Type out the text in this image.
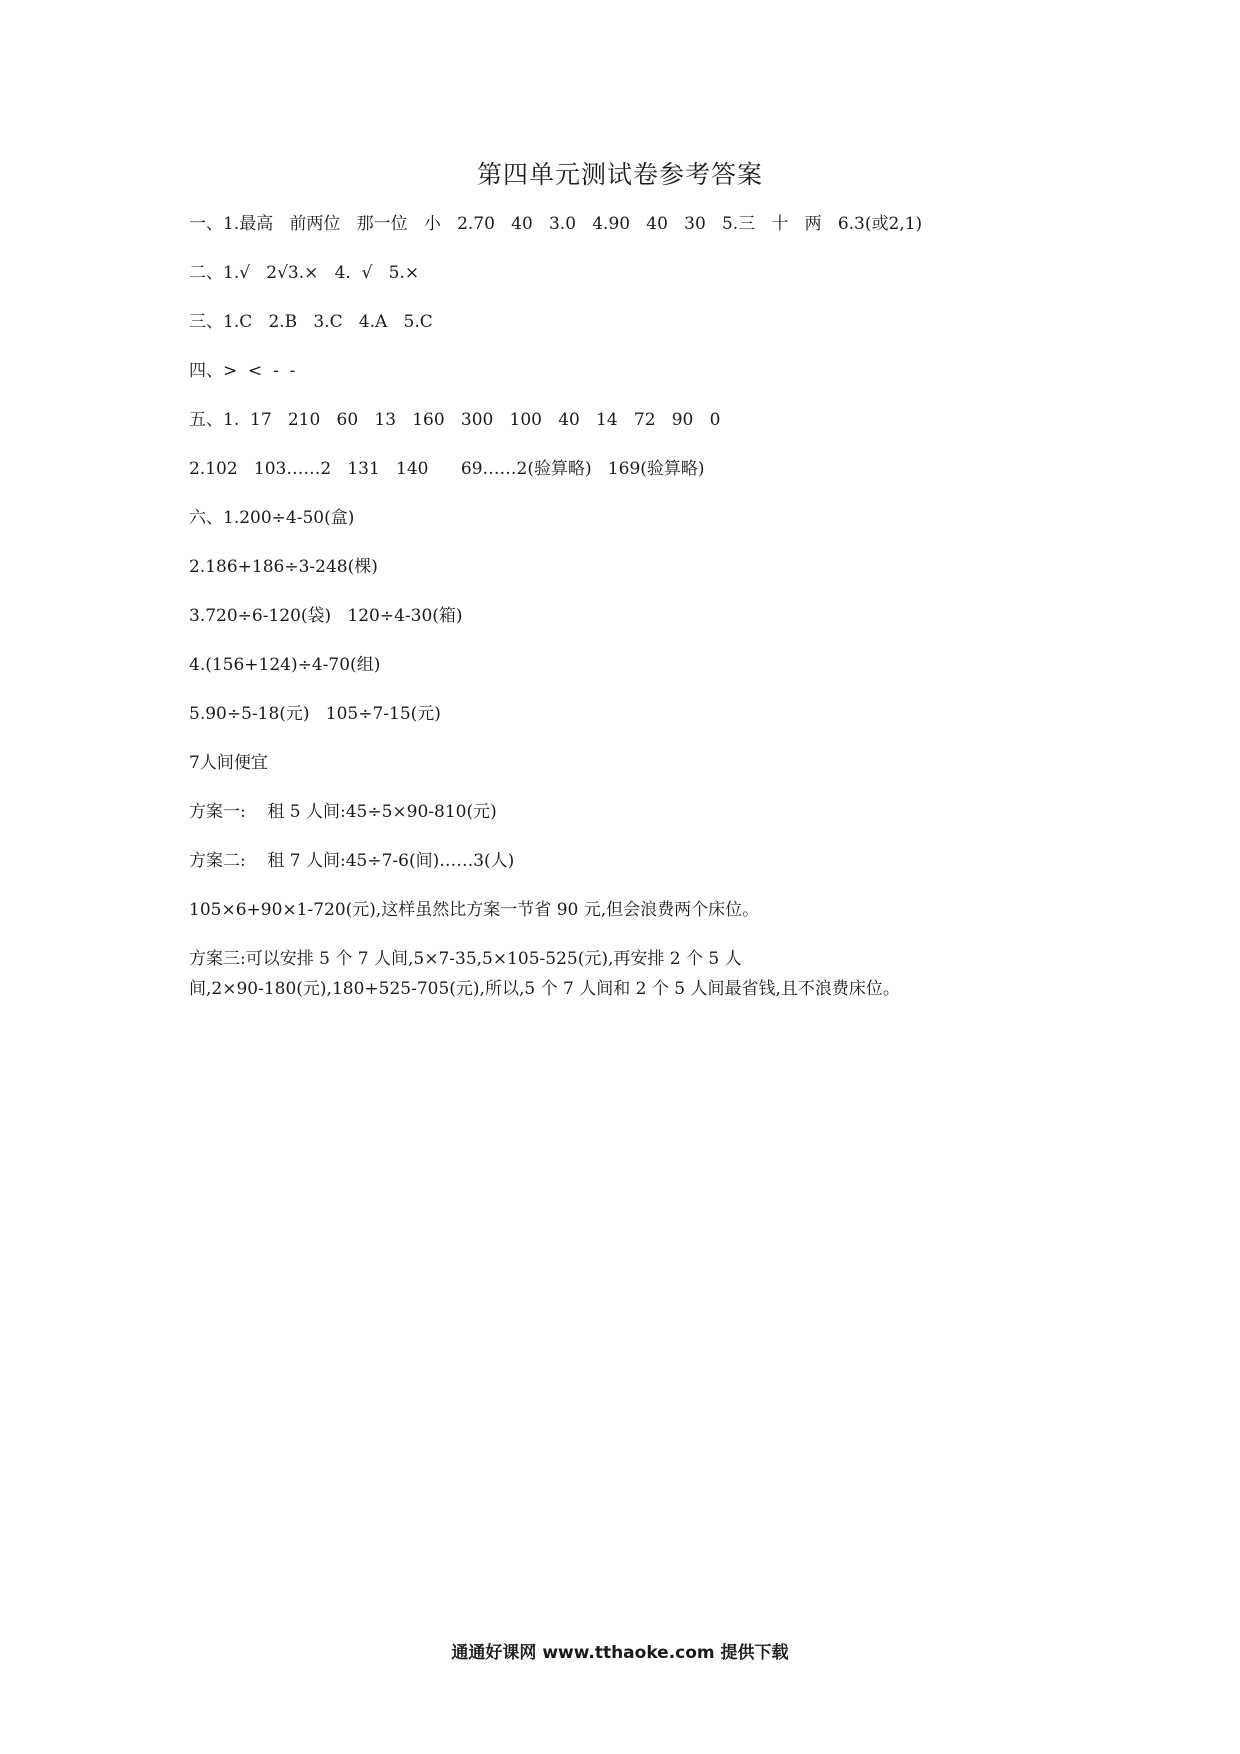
第四单元测试卷参考答案
一、1.最高   前两位   那一位   小   2.70   40   3.0   4.90   40   30   5.三   十   两   6.3(或2,1)
二、1.√   2√3.×   4.  √   5.×
三、1.C   2.B   3.C   4.A   5.C
四、>  <  -  -
五、1.  17   210   60   13   160   300   100   40   14   72   90   0
2.102   103……2   131   140      69……2(验算略)   169(验算略)
六、1.200÷4-50(盒)
2.186+186÷3-248(棵)
3.720÷6-120(袋)   120÷4-30(箱)
4.(156+124)÷4-70(组)
5.90÷5-18(元)   105÷7-15(元)
7人间便宜
方案一:    租 5 人间:45÷5×90-810(元)
方案二:    租 7 人间:45÷7-6(间)……3(人)
105×6+90×1-720(元),这样虽然比方案一节省 90 元,但会浪费两个床位。
方案三:可以安排 5 个 7 人间,5×7-35,5×105-525(元),再安排 2 个 5 人
间,2×90-180(元),180+525-705(元),所以,5 个 7 人间和 2 个 5 人间最省钱,且不浪费床位。
通通好课网 www.tthaoke.com 提供下载
